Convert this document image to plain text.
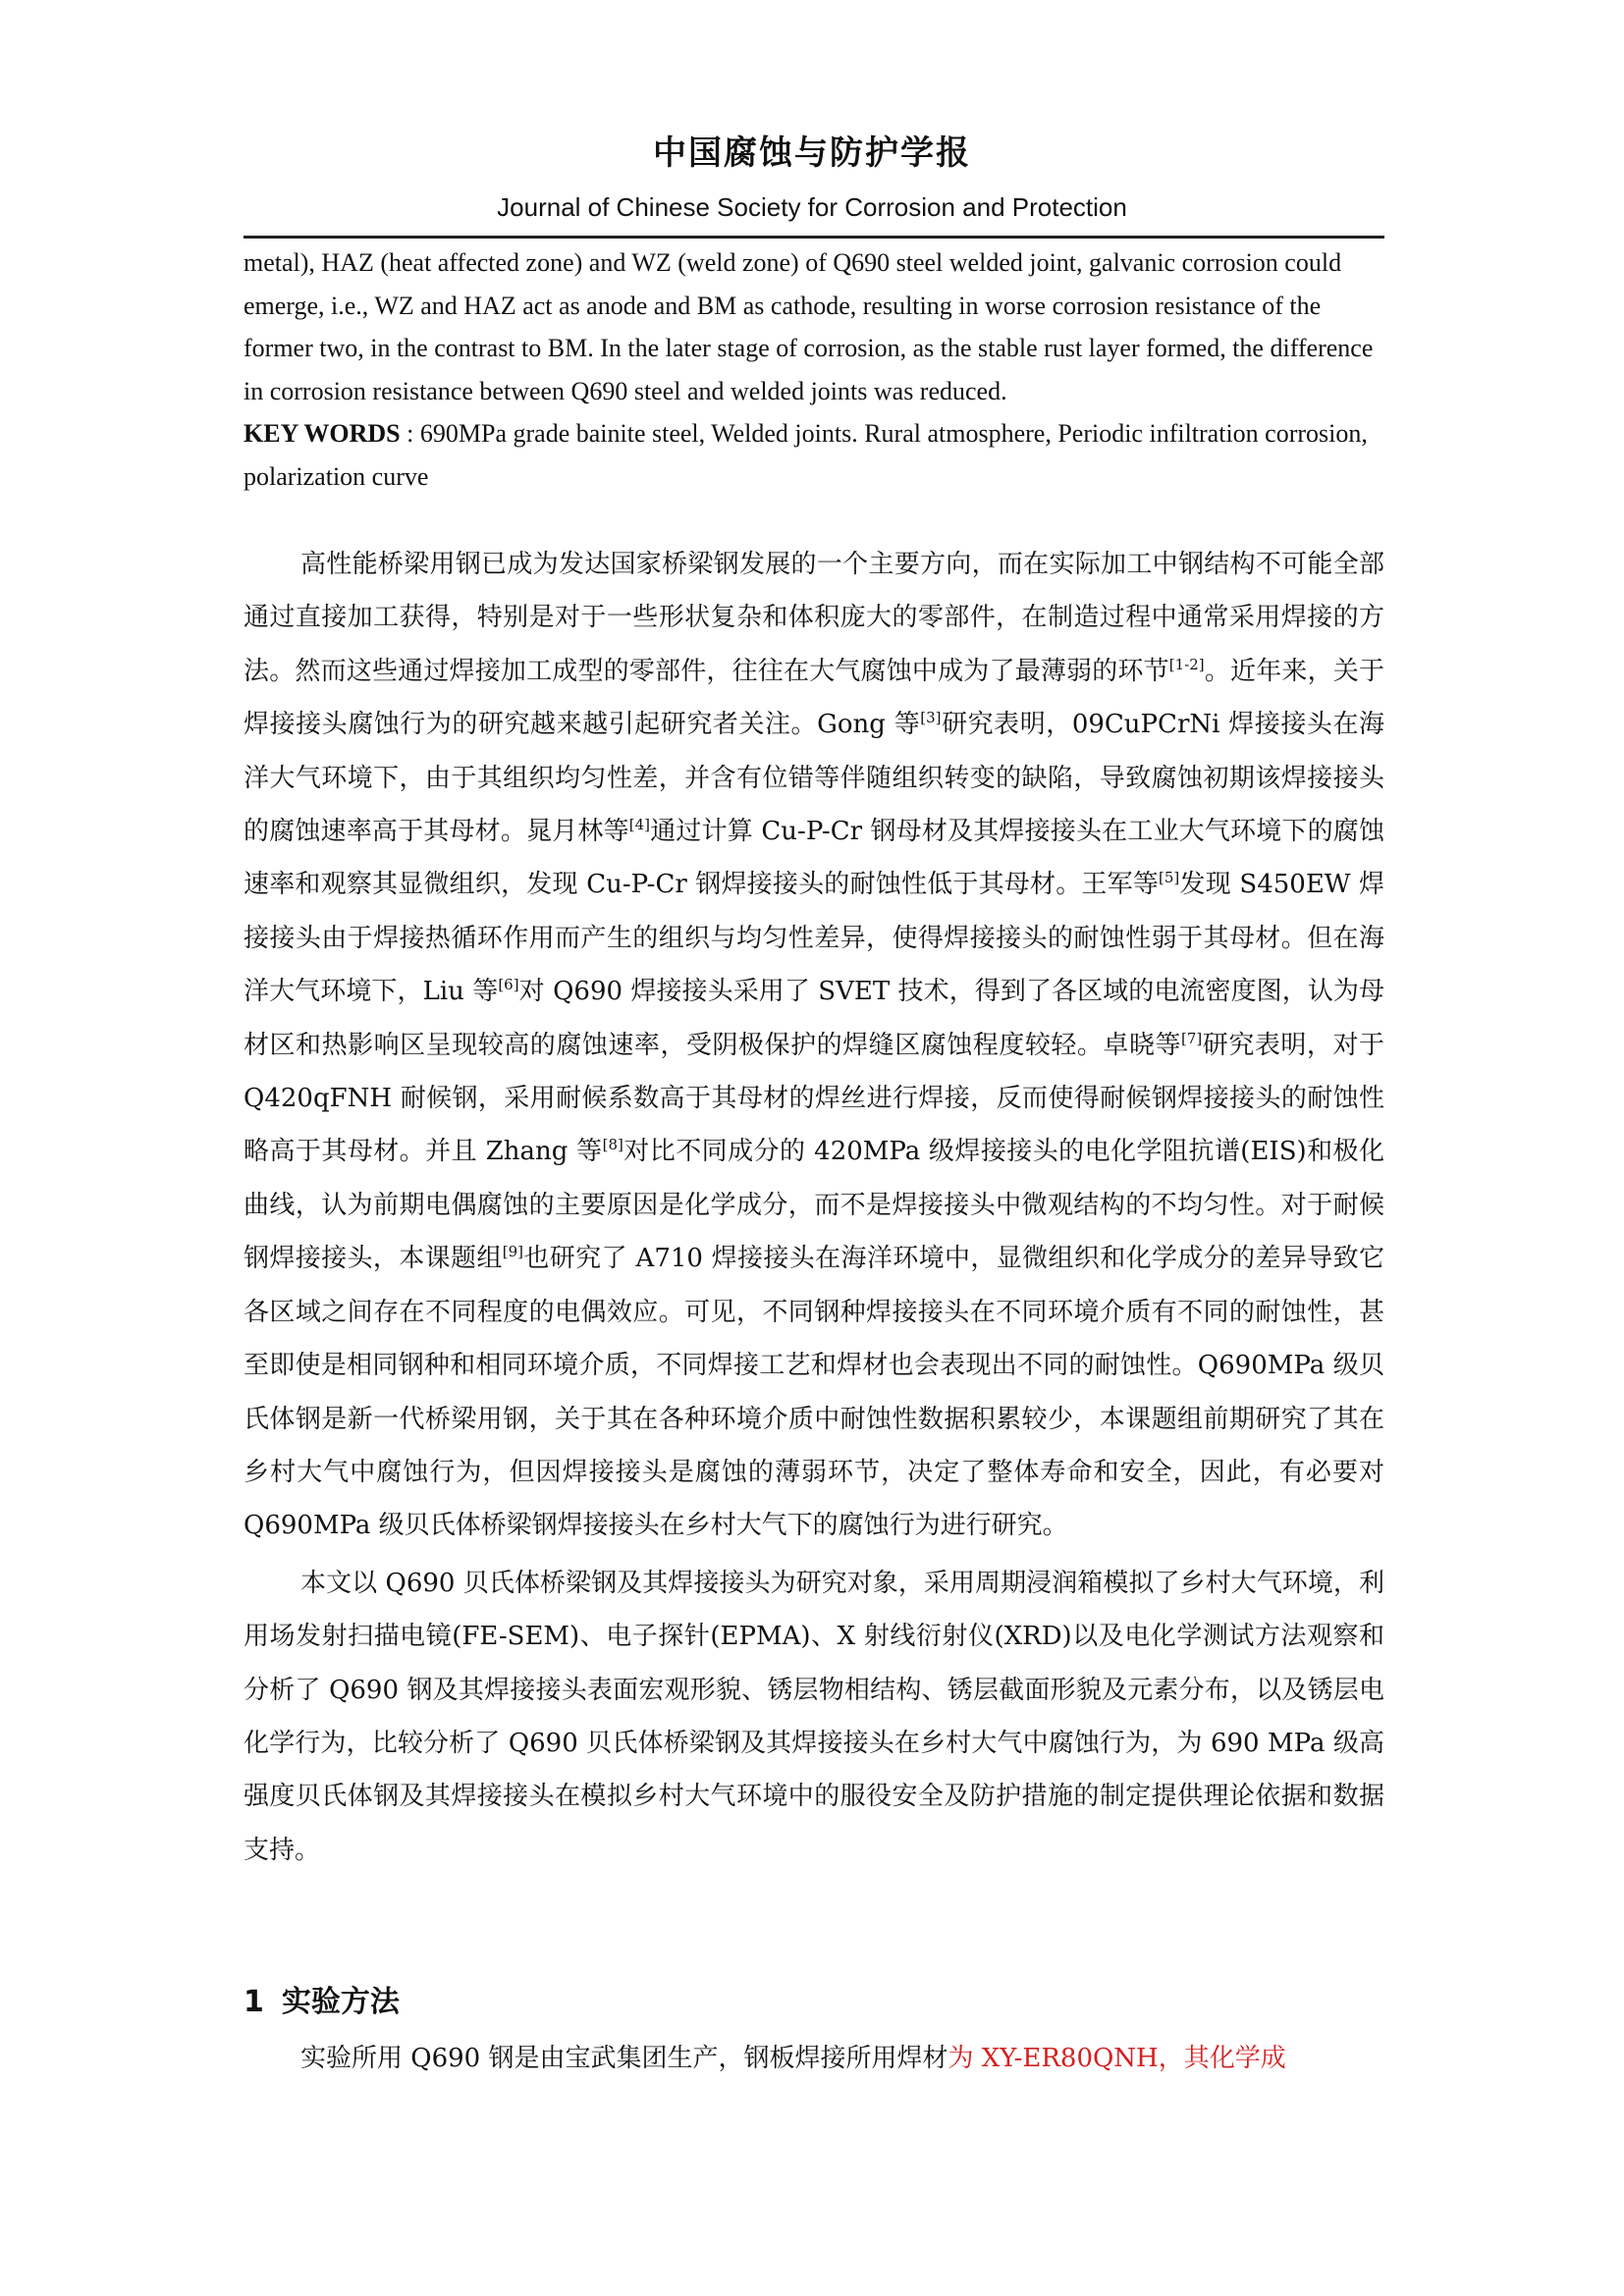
中国腐蚀与防护学报
Journal of Chinese Society for Corrosion and Protection

metal), HAZ (heat affected zone) and WZ (weld zone) of Q690 steel welded joint, galvanic corrosion could emerge, i.e., WZ and HAZ act as anode and BM as cathode, resulting in worse corrosion resistance of the former two, in the contrast to BM. In the later stage of corrosion, as the stable rust layer formed, the difference in corrosion resistance between Q690 steel and welded joints was reduced.

KEY WORDS : 690MPa grade bainite steel, Welded joints. Rural atmosphere, Periodic infiltration corrosion, polarization curve

高性能桥梁用钢已成为发达国家桥梁钢发展的一个主要方向，而在实际加工中钢结构不可能全部通过直接加工获得，特别是对于一些形状复杂和体积庞大的零部件，在制造过程中通常采用焊接的方法。然而这些通过焊接加工成型的零部件，往往在大气腐蚀中成为了最薄弱的环节[1-2]。近年来，关于焊接接头腐蚀行为的研究越来越引起研究者关注。Gong 等[3]研究表明，09CuPCrNi 焊接接头在海洋大气环境下，由于其组织均匀性差，并含有位错等伴随组织转变的缺陷，导致腐蚀初期该焊接接头的腐蚀速率高于其母材。晁月林等[4]通过计算 Cu-P-Cr 钢母材及其焊接接头在工业大气环境下的腐蚀速率和观察其显微组织，发现 Cu-P-Cr 钢焊接接头的耐蚀性低于其母材。王军等[5]发现 S450EW 焊接接头由于焊接热循环作用而产生的组织与均匀性差异，使得焊接接头的耐蚀性弱于其母材。但在海洋大气环境下，Liu 等[6]对 Q690 焊接接头采用了 SVET 技术，得到了各区域的电流密度图，认为母材区和热影响区呈现较高的腐蚀速率，受阴极保护的焊缝区腐蚀程度较轻。卓晓等[7]研究表明，对于 Q420qFNH 耐候钢，采用耐候系数高于其母材的焊丝进行焊接，反而使得耐候钢焊接接头的耐蚀性略高于其母材。并且 Zhang 等[8]对比不同成分的 420MPa 级焊接接头的电化学阻抗谱(EIS)和极化曲线，认为前期电偶腐蚀的主要原因是化学成分，而不是焊接接头中微观结构的不均匀性。对于耐候钢焊接接头，本课题组[9]也研究了 A710 焊接接头在海洋环境中，显微组织和化学成分的差异导致它各区域之间存在不同程度的电偶效应。可见，不同钢种焊接接头在不同环境介质有不同的耐蚀性，甚至即使是相同钢种和相同环境介质，不同焊接工艺和焊材也会表现出不同的耐蚀性。Q690MPa 级贝氏体钢是新一代桥梁用钢，关于其在各种环境介质中耐蚀性数据积累较少，本课题组前期研究了其在乡村大气中腐蚀行为，但因焊接接头是腐蚀的薄弱环节，决定了整体寿命和安全，因此，有必要对 Q690MPa 级贝氏体桥梁钢焊接接头在乡村大气下的腐蚀行为进行研究。

本文以 Q690 贝氏体桥梁钢及其焊接接头为研究对象，采用周期浸润箱模拟了乡村大气环境，利用场发射扫描电镜(FE-SEM)、电子探针(EPMA)、X 射线衍射仪(XRD)以及电化学测试方法观察和分析了 Q690 钢及其焊接接头表面宏观形貌、锈层物相结构、锈层截面形貌及元素分布，以及锈层电化学行为，比较分析了 Q690 贝氏体桥梁钢及其焊接接头在乡村大气中腐蚀行为，为 690 MPa 级高强度贝氏体钢及其焊接接头在模拟乡村大气环境中的服役安全及防护措施的制定提供理论依据和数据支持。

1 实验方法
实验所用 Q690 钢是由宝武集团生产，钢板焊接所用焊材为 XY-ER80QNH，其化学成
